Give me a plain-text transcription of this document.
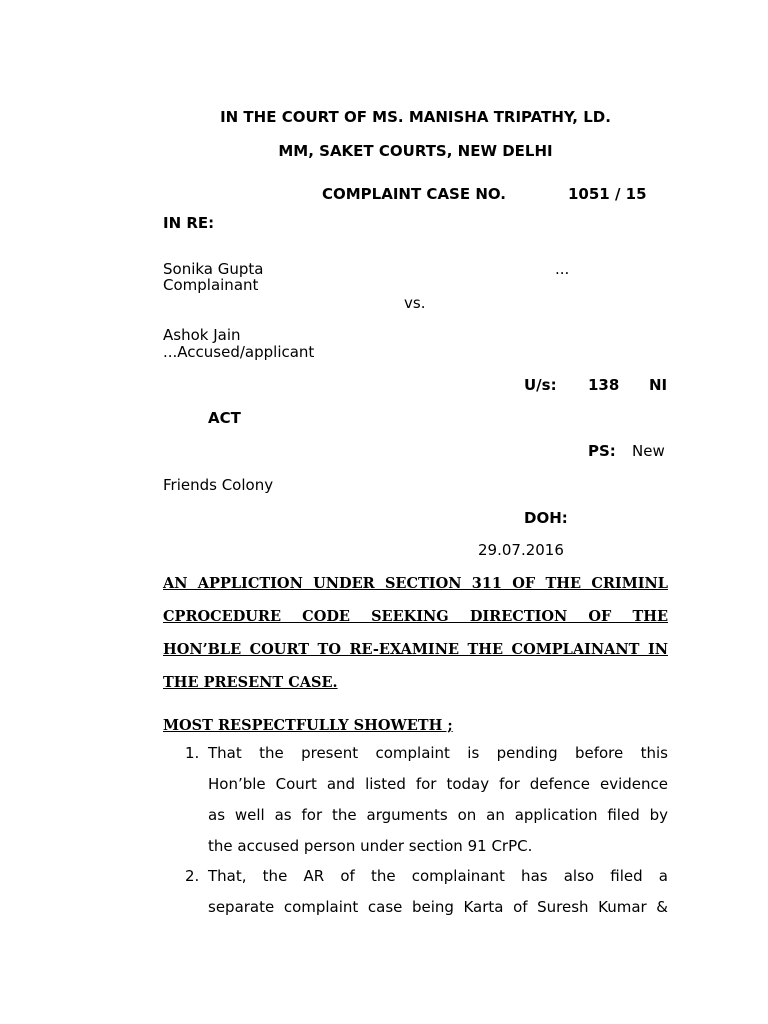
IN THE COURT OF MS. MANISHA TRIPATHY, LD.
MM, SAKET COURTS, NEW DELHI
COMPLAINT CASE NO.	1051 / 15
IN RE:
Sonika Gupta	...
Complainant
vs.
Ashok Jain
...Accused/applicant
U/s: 138 NI
ACT
PS: New
Friends Colony
DOH:
29.07.2016
AN APPLICTION UNDER SECTION 311 OF THE CRIMINL
CPROCEDURE CODE SEEKING DIRECTION OF THE
HON’BLE COURT TO RE-EXAMINE THE COMPLAINANT IN
THE PRESENT CASE.
MOST RESPECTFULLY SHOWETH ;
1. That the present complaint is pending before this
Hon’ble Court and listed for today for defence evidence
as well as for the arguments on an application filed by
the accused person under section 91 CrPC.
2. That, the AR of the complainant has also filed a
separate complaint case being Karta of Suresh Kumar &
